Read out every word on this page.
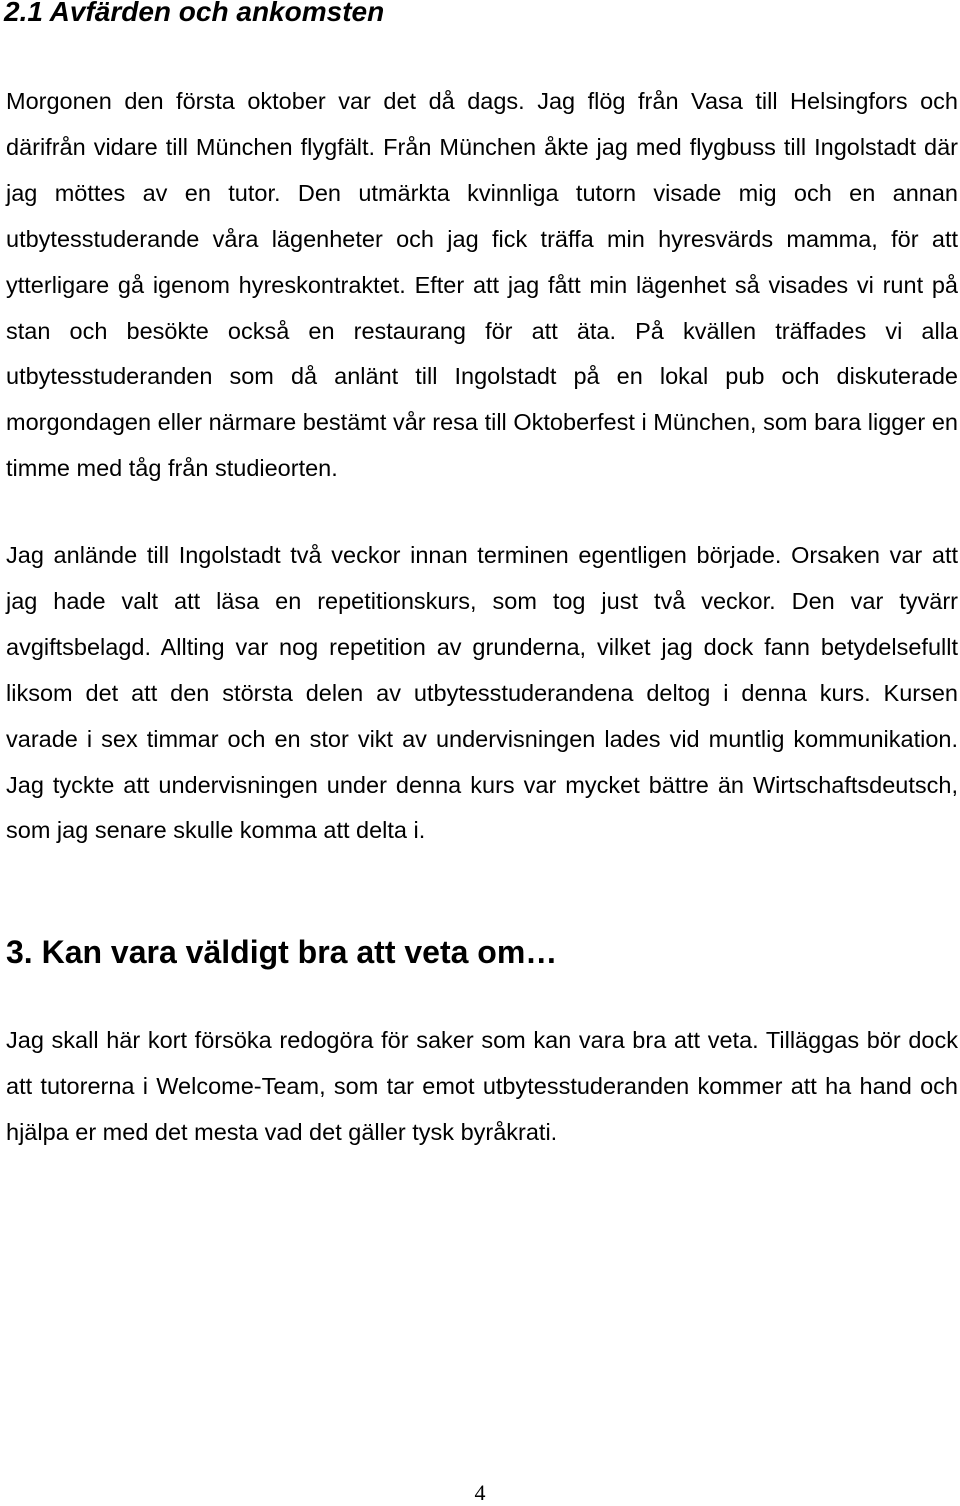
2.1 Avfärden och ankomsten

Morgonen den första oktober var det då dags. Jag flög från Vasa till Helsingfors och därifrån vidare till München flygfält. Från München åkte jag med flygbuss till Ingolstadt där jag möttes av en tutor. Den utmärkta kvinnliga tutorn visade mig och en annan utbytesstuderande våra lägenheter och jag fick träffa min hyresvärds mamma, för att ytterligare gå igenom hyreskontraktet. Efter att jag fått min lägenhet så visades vi runt på stan och besökte också en restaurang för att äta. På kvällen träffades vi alla utbytesstuderanden som då anlänt till Ingolstadt på en lokal pub och diskuterade morgondagen eller närmare bestämt vår resa till Oktoberfest i München, som bara ligger en timme med tåg från studieorten.

Jag anlände till Ingolstadt två veckor innan terminen egentligen började. Orsaken var att jag hade valt att läsa en repetitionskurs, som tog just två veckor. Den var tyvärr avgiftsbelagd. Allting var nog repetition av grunderna, vilket jag dock fann betydelsefullt liksom det att den största delen av utbytesstuderandena deltog i denna kurs. Kursen varade i sex timmar och en stor vikt av undervisningen lades vid muntlig kommunikation. Jag tyckte att undervisningen under denna kurs var mycket bättre än Wirtschaftsdeutsch, som jag senare skulle komma att delta i.

3. Kan vara väldigt bra att veta om…

Jag skall här kort försöka redogöra för saker som kan vara bra att veta. Tilläggas bör dock att tutorerna i Welcome-Team, som tar emot utbytesstuderanden kommer att ha hand och hjälpa er med det mesta vad det gäller tysk byråkrati.

4
